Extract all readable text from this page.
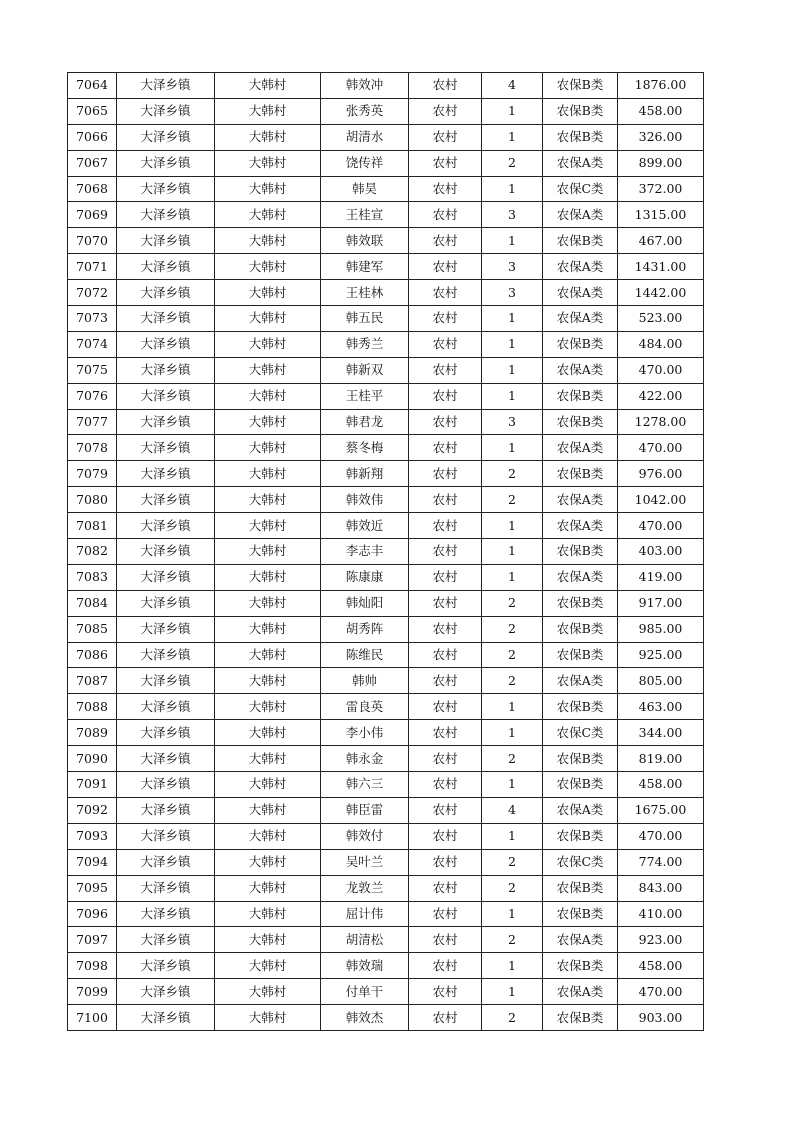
7064	大泽乡镇	大韩村	韩效冲	农村	4	农保B类	1876.00
7065	大泽乡镇	大韩村	张秀英	农村	1	农保B类	458.00
7066	大泽乡镇	大韩村	胡清水	农村	1	农保B类	326.00
7067	大泽乡镇	大韩村	饶传祥	农村	2	农保A类	899.00
7068	大泽乡镇	大韩村	韩昊	农村	1	农保C类	372.00
7069	大泽乡镇	大韩村	王桂宣	农村	3	农保A类	1315.00
7070	大泽乡镇	大韩村	韩效联	农村	1	农保B类	467.00
7071	大泽乡镇	大韩村	韩建军	农村	3	农保A类	1431.00
7072	大泽乡镇	大韩村	王桂林	农村	3	农保A类	1442.00
7073	大泽乡镇	大韩村	韩五民	农村	1	农保A类	523.00
7074	大泽乡镇	大韩村	韩秀兰	农村	1	农保B类	484.00
7075	大泽乡镇	大韩村	韩新双	农村	1	农保A类	470.00
7076	大泽乡镇	大韩村	王桂平	农村	1	农保B类	422.00
7077	大泽乡镇	大韩村	韩君龙	农村	3	农保B类	1278.00
7078	大泽乡镇	大韩村	蔡冬梅	农村	1	农保A类	470.00
7079	大泽乡镇	大韩村	韩新翔	农村	2	农保B类	976.00
7080	大泽乡镇	大韩村	韩效伟	农村	2	农保A类	1042.00
7081	大泽乡镇	大韩村	韩效近	农村	1	农保A类	470.00
7082	大泽乡镇	大韩村	李志丰	农村	1	农保B类	403.00
7083	大泽乡镇	大韩村	陈康康	农村	1	农保A类	419.00
7084	大泽乡镇	大韩村	韩灿阳	农村	2	农保B类	917.00
7085	大泽乡镇	大韩村	胡秀阵	农村	2	农保B类	985.00
7086	大泽乡镇	大韩村	陈维民	农村	2	农保B类	925.00
7087	大泽乡镇	大韩村	韩帅	农村	2	农保A类	805.00
7088	大泽乡镇	大韩村	雷良英	农村	1	农保B类	463.00
7089	大泽乡镇	大韩村	李小伟	农村	1	农保C类	344.00
7090	大泽乡镇	大韩村	韩永金	农村	2	农保B类	819.00
7091	大泽乡镇	大韩村	韩六三	农村	1	农保B类	458.00
7092	大泽乡镇	大韩村	韩臣雷	农村	4	农保A类	1675.00
7093	大泽乡镇	大韩村	韩效付	农村	1	农保B类	470.00
7094	大泽乡镇	大韩村	吴叶兰	农村	2	农保C类	774.00
7095	大泽乡镇	大韩村	龙敦兰	农村	2	农保B类	843.00
7096	大泽乡镇	大韩村	屈计伟	农村	1	农保B类	410.00
7097	大泽乡镇	大韩村	胡清松	农村	2	农保A类	923.00
7098	大泽乡镇	大韩村	韩效瑞	农村	1	农保B类	458.00
7099	大泽乡镇	大韩村	付单干	农村	1	农保A类	470.00
7100	大泽乡镇	大韩村	韩效杰	农村	2	农保B类	903.00
